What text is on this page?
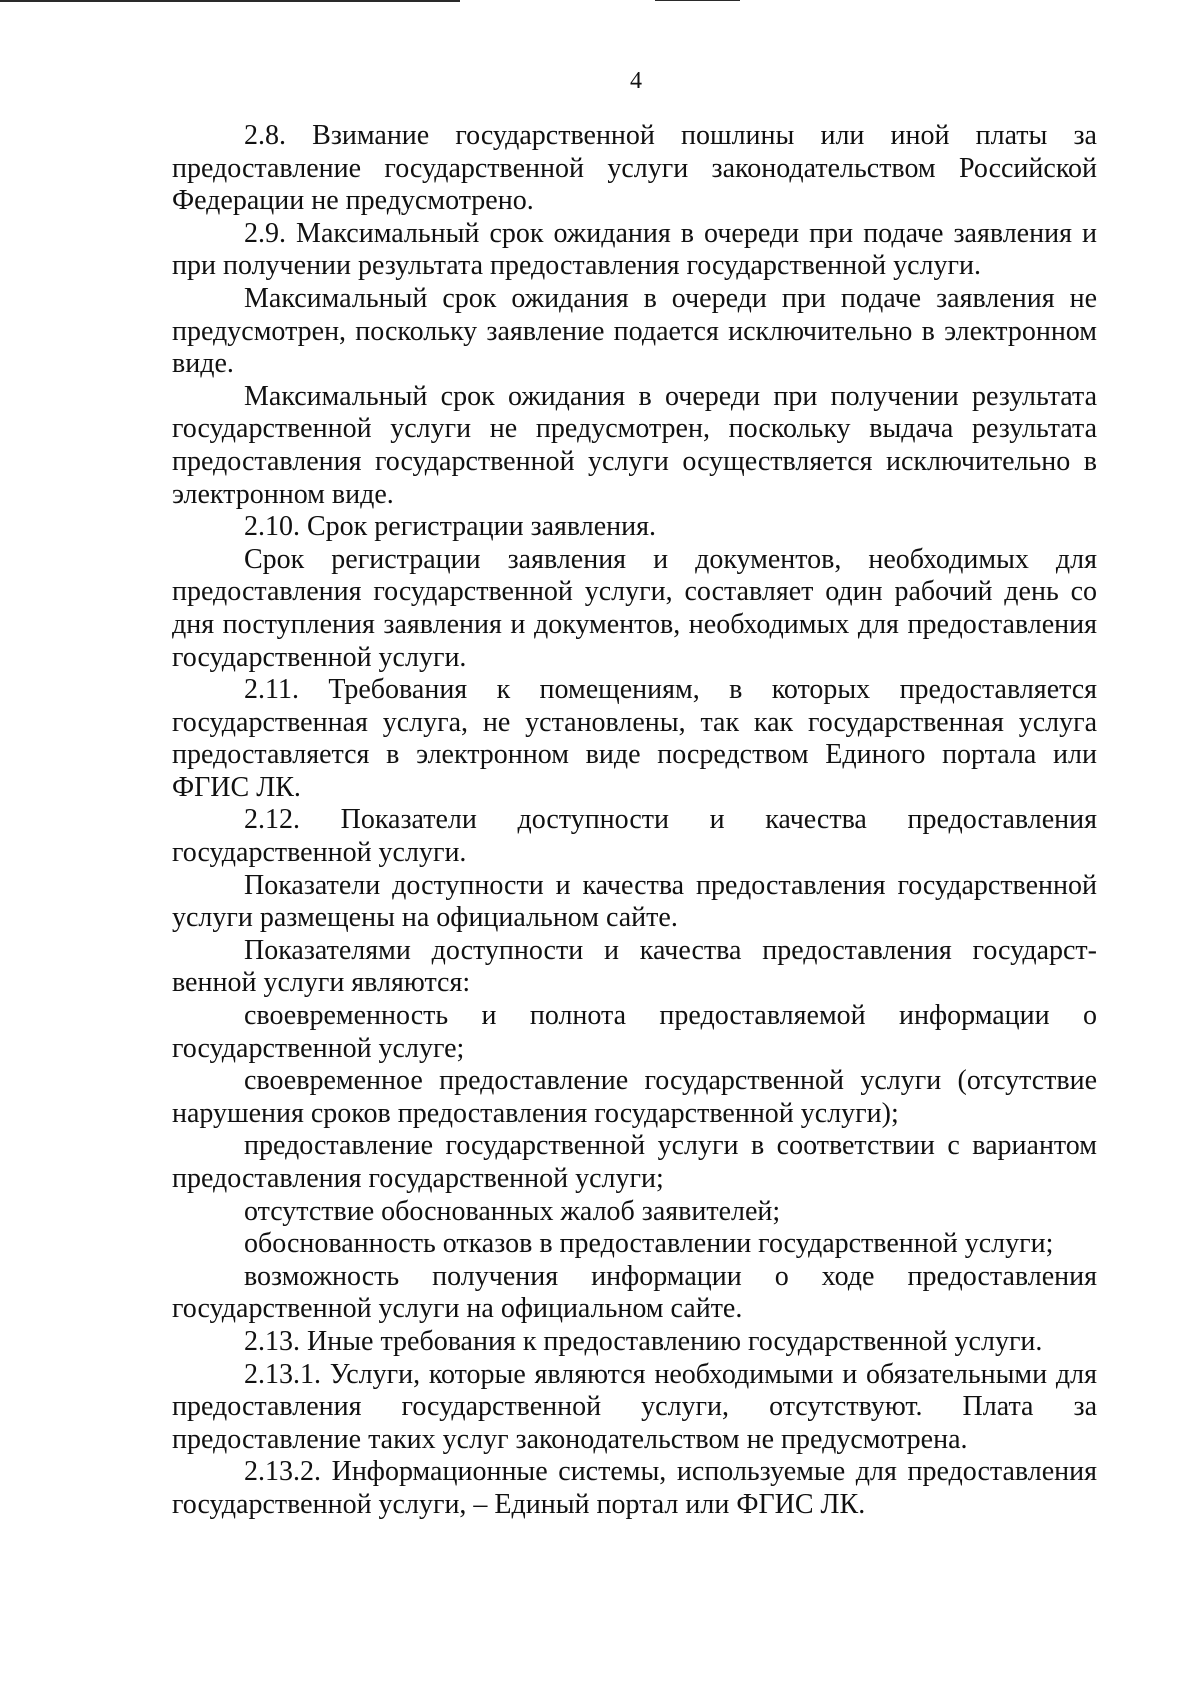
4

2.8. Взимание государственной пошлины или иной платы за предоставление государственной услуги законодательством Российской Федерации не предусмотрено.

2.9. Максимальный срок ожидания в очереди при подаче заявления и при получении результата предоставления государственной услуги.

Максимальный срок ожидания в очереди при подаче заявления не предусмотрен, поскольку заявление подается исключительно в электронном виде.

Максимальный срок ожидания в очереди при получении результата государственной услуги не предусмотрен, поскольку выдача результата предоставления государственной услуги осуществляется исключительно в электронном виде.

2.10. Срок регистрации заявления.

Срок регистрации заявления и документов, необходимых для предоставления государственной услуги, составляет один рабочий день со дня поступления заявления и документов, необходимых для предоставления государственной услуги.

2.11. Требования к помещениям, в которых предоставляется государственная услуга, не установлены, так как государственная услуга предоставляется в электронном виде посредством Единого портала или ФГИС ЛК.

2.12. Показатели доступности и качества предоставления государственной услуги.

Показатели доступности и качества предоставления государственной услуги размещены на официальном сайте.

Показателями доступности и качества предоставления государст-венной услуги являются:

своевременность и полнота предоставляемой информации о государственной услуге;

своевременное предоставление государственной услуги (отсутствие нарушения сроков предоставления государственной услуги);

предоставление государственной услуги в соответствии с вариантом предоставления государственной услуги;

отсутствие обоснованных жалоб заявителей;

обоснованность отказов в предоставлении государственной услуги;

возможность получения информации о ходе предоставления государственной услуги на официальном сайте.

2.13. Иные требования к предоставлению государственной услуги.

2.13.1. Услуги, которые являются необходимыми и обязательными для предоставления государственной услуги, отсутствуют. Плата за предоставление таких услуг законодательством не предусмотрена.

2.13.2. Информационные системы, используемые для предоставления государственной услуги, – Единый портал или ФГИС ЛК.
